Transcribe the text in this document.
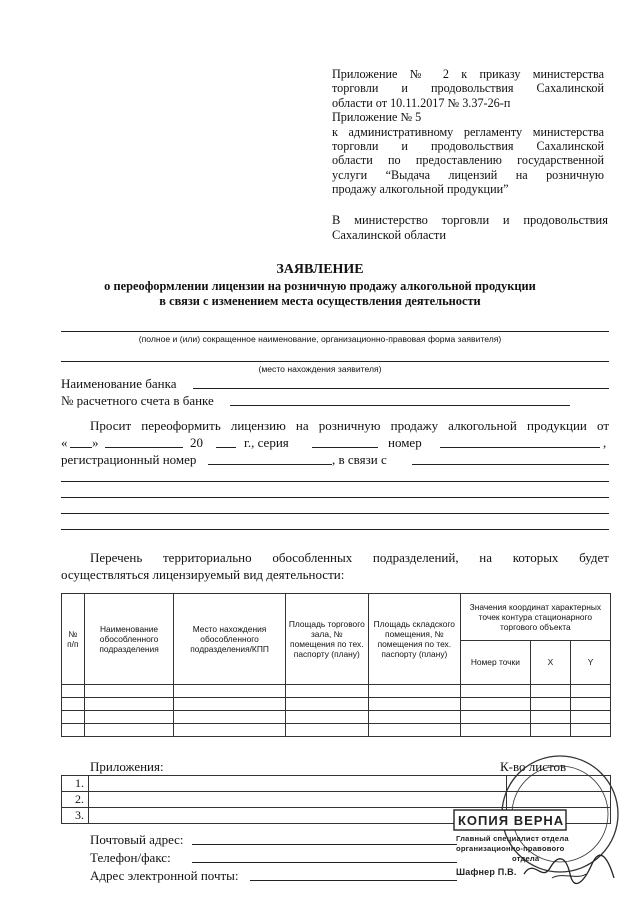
Приложение № 2 к приказу министерства
торговли и продовольствия Сахалинской
области от 10.11.2017 № 3.37-26-п
Приложение № 5
к административному регламенту министерства
торговли и продовольствия Сахалинской
области по предоставлению государственной
услуги “Выдача лицензий на розничную
продажу алкогольной продукции”
В министерство торговли и продовольствия
Сахалинской области
ЗАЯВЛЕНИЕ
о переоформлении лицензии на розничную продажу алкогольной продукции
в связи с изменением места осуществления деятельности
(полное и (или) сокращенное наименование, организационно-правовая форма заявителя)
(место нахождения заявителя)
Наименование банка
№ расчетного счета в банке
Просит переоформить лицензию на розничную продажу алкогольной продукции от
« »	20	г., серия	номер	,
регистрационный номер	, в связи с
Перечень территориально обособленных подразделений, на которых будет
осуществляться лицензируемый вид деятельности:
№ п/п	Наименование обособленного подразделения	Место нахождения обособленного подразделения/КПП	Площадь торгового зала, № помещения по тех. паспорту (плану)	Площадь складского помещения, № помещения по тех. паспорту (плану)	Значения координат характерных точек контура стационарного торгового объекта		
					Номер точки	X	Y

Приложения:	К-во листов
1.		
2.		
3.		
Почтовый адрес:
Телефон/факс:
Адрес электронной почты:
КОПИЯ ВЕРНА
Главный специалист отдела
организационно-правового
отдела
Шафнер П.В.
